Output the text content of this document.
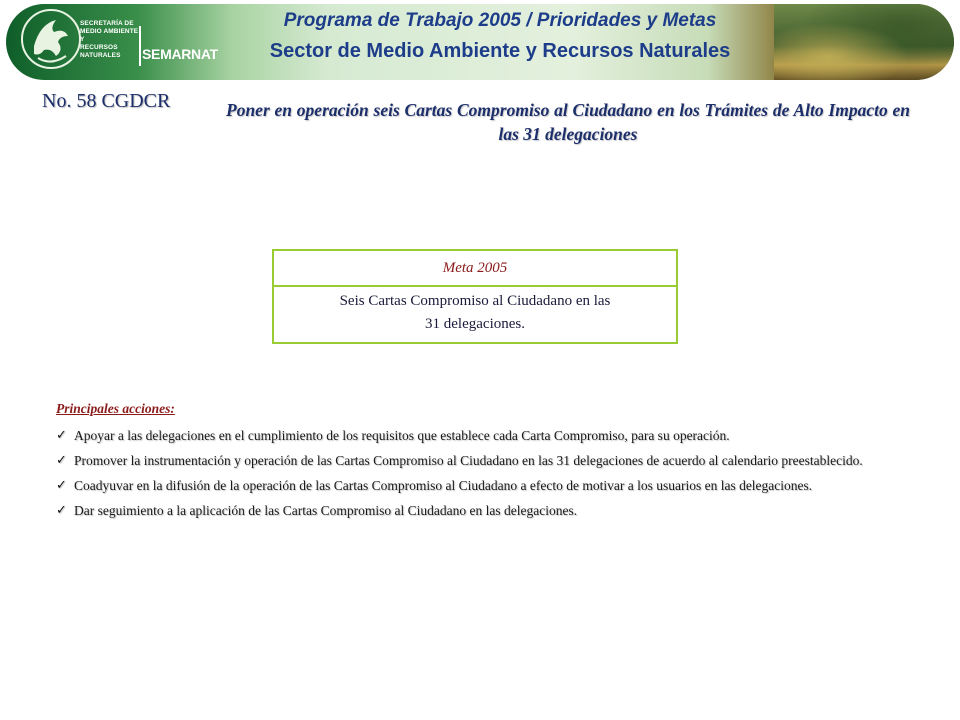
SECRETARÍA DE
MEDIO AMBIENTE Y
RECURSOS NATURALES	SEMARNAT
Programa de Trabajo 2005 / Prioridades y Metas
Sector de Medio Ambiente y Recursos Naturales
No. 58 CGDCR	Poner en operación seis Cartas Compromiso al Ciudadano en los Trámites de Alto Impacto en las 31 delegaciones
Meta 2005
Seis Cartas Compromiso al Ciudadano en las
31 delegaciones.
Principales acciones:
✓ Apoyar a las delegaciones en el cumplimiento de los requisitos que establece cada Carta Compromiso, para su operación.
✓ Promover la instrumentación y operación de las Cartas Compromiso al Ciudadano en las 31 delegaciones de acuerdo al calendario preestablecido.
✓ Coadyuvar en la difusión de la operación de las Cartas Compromiso al Ciudadano a efecto de motivar a los usuarios en las delegaciones.
✓ Dar seguimiento a la aplicación de las Cartas Compromiso al Ciudadano en las delegaciones.
